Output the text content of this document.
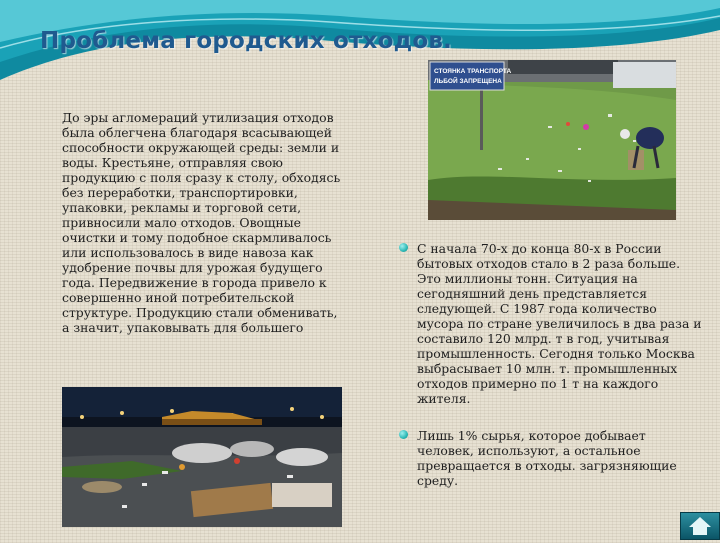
Проблема городских отходов.
До эры агломераций утилизация отходов была облегчена благодаря всасывающей способности окружающей среды: земли и воды. Крестьяне, отправляя свою продукцию с поля сразу к столу, обходясь без переработки, транспортировки, упаковки, рекламы и торговой сети, привносили мало отходов. Овощные очистки и тому подобное скармливалось или использовалось в виде навоза как удобрение почвы для урожая будущего года. Передвижение в города привело к совершенно иной потребительской структуре. Продукцию стали обменивать, а значит, упаковывать для большего
СТОЯНКА ТРАНСПОРТА
ЛЬБОЙ ЗАПРЕЩЕНА
С начала 70-х до конца 80-х в России бытовых отходов стало в 2 раза больше. Это миллионы тонн. Ситуация на сегодняшний день представляется следующей. С 1987 года количество мусора по стране увеличилось в два раза и составило 120 млрд. т в год, учитывая промышленность. Сегодня только Москва выбрасывает 10 млн. т. промышленных отходов примерно по 1 т на каждого жителя.
Лишь 1% сырья, которое добывает человек, используют, а остальное превращается в отходы. загрязняющие среду.
